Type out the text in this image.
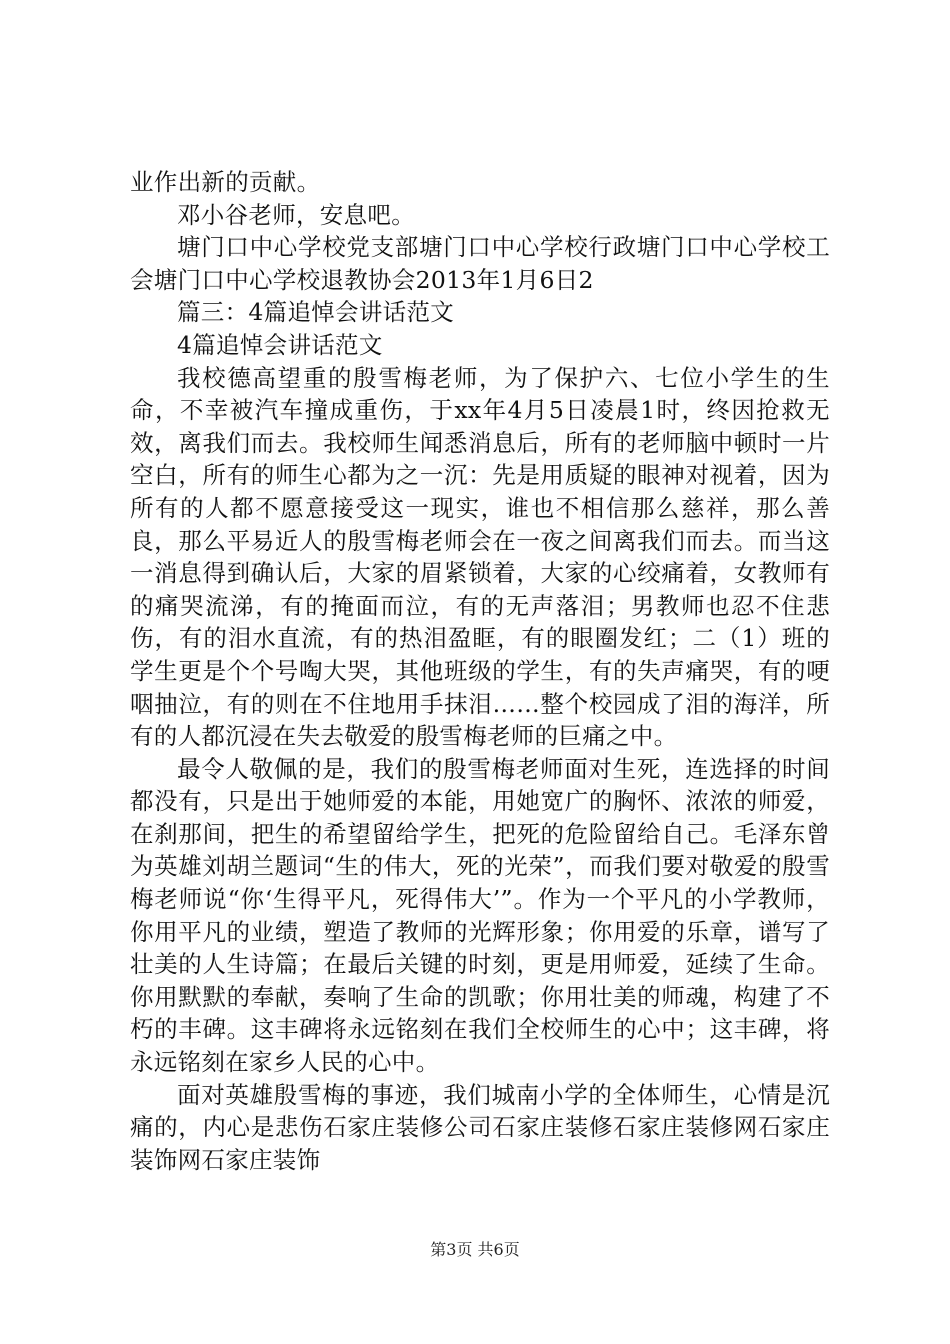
业作出新的贡献。

邓小谷老师，安息吧。

塘门口中心学校党支部塘门口中心学校行政塘门口中心学校工会塘门口中心学校退教协会2013年1月6日2

篇三：4篇追悼会讲话范文

4篇追悼会讲话范文

我校德高望重的殷雪梅老师，为了保护六、七位小学生的生命，不幸被汽车撞成重伤，于xx年4月5日凌晨1时，终因抢救无效，离我们而去。我校师生闻悉消息后，所有的老师脑中顿时一片空白，所有的师生心都为之一沉：先是用质疑的眼神对视着，因为所有的人都不愿意接受这一现实，谁也不相信那么慈祥，那么善良，那么平易近人的殷雪梅老师会在一夜之间离我们而去。而当这一消息得到确认后，大家的眉紧锁着，大家的心绞痛着，女教师有的痛哭流涕，有的掩面而泣，有的无声落泪；男教师也忍不住悲伤，有的泪水直流，有的热泪盈眶，有的眼圈发红；二（1）班的学生更是个个号啕大哭，其他班级的学生，有的失声痛哭，有的哽咽抽泣，有的则在不住地用手抹泪……整个校园成了泪的海洋，所有的人都沉浸在失去敬爱的殷雪梅老师的巨痛之中。

最令人敬佩的是，我们的殷雪梅老师面对生死，连选择的时间都没有，只是出于她师爱的本能，用她宽广的胸怀、浓浓的师爱，在刹那间，把生的希望留给学生，把死的危险留给自己。毛泽东曾为英雄刘胡兰题词“生的伟大，死的光荣”，而我们要对敬爱的殷雪梅老师说“你‘生得平凡，死得伟大’”。作为一个平凡的小学教师，你用平凡的业绩，塑造了教师的光辉形象；你用爱的乐章，谱写了壮美的人生诗篇；在最后关键的时刻，更是用师爱，延续了生命。你用默默的奉献，奏响了生命的凯歌；你用壮美的师魂，构建了不朽的丰碑。这丰碑将永远铭刻在我们全校师生的心中；这丰碑，将永远铭刻在家乡人民的心中。

面对英雄殷雪梅的事迹，我们城南小学的全体师生，心情是沉痛的，内心是悲伤石家庄装修公司石家庄装修石家庄装修网石家庄装饰网石家庄装饰

第3页 共6页
